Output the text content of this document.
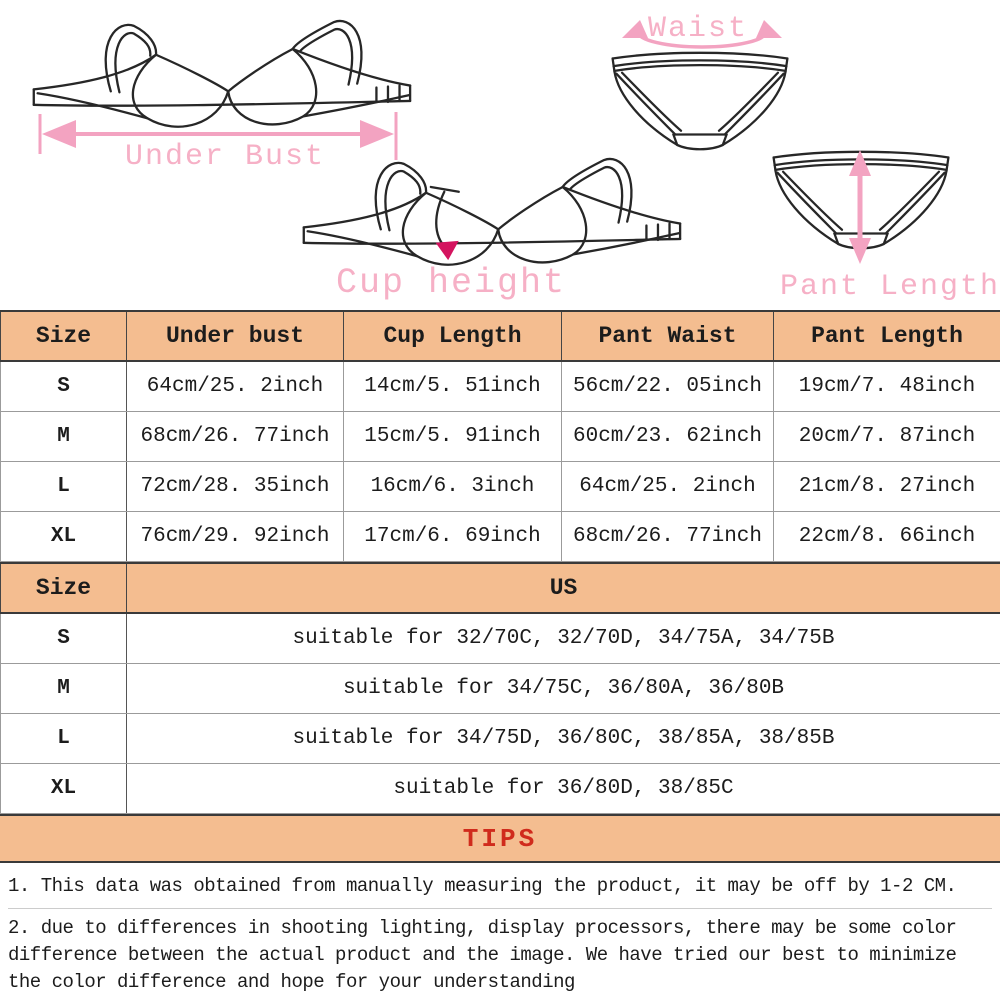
Under Bust
Waist
Pant Length
Cup height
Size	Under bust	Cup Length	Pant Waist	Pant Length
S	64cm/25. 2inch	14cm/5. 51inch	56cm/22. 05inch	19cm/7. 48inch
M	68cm/26. 77inch	15cm/5. 91inch	60cm/23. 62inch	20cm/7. 87inch
L	72cm/28. 35inch	16cm/6. 3inch	64cm/25. 2inch	21cm/8. 27inch
XL	76cm/29. 92inch	17cm/6. 69inch	68cm/26. 77inch	22cm/8. 66inch
Size	US
S	suitable for 32/70C, 32/70D, 34/75A, 34/75B
M	suitable for 34/75C, 36/80A, 36/80B
L	suitable for 34/75D, 36/80C, 38/85A, 38/85B
XL	suitable for 36/80D, 38/85C
TIPS
1. This data was obtained from manually measuring the product, it may be off by 1-2 CM.
2. due to differences in shooting lighting, display processors, there may be some color difference between the actual product and the image. We have tried our best to minimize the color difference and hope for your understanding
